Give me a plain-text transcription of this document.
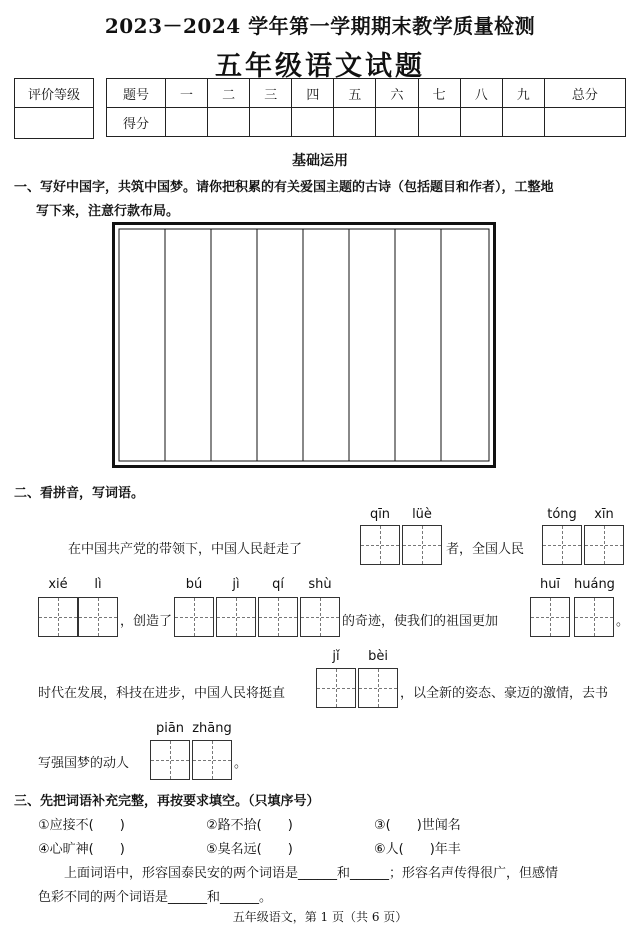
2023－2024 学年第一学期期末教学质量检测
五年级语文试题
评价等级	题号	一	二	三	四	五	六	七	八	九	总分
得分										
基础运用
一、写好中国字，共筑中国梦。请你把积累的有关爱国主题的古诗（包括题目和作者），工整地
写下来，注意行款布局。
二、看拼音，写词语。
qīn	lüè	tóng	xīn
在中国共产党的带领下，中国人民赶走了	者，全国人民
xié	lì
，创造了
bú	jì	qí	shù
的奇迹，使我们的祖国更加
huī	huáng
。
jǐ	bèi
时代在发展，科技在进步，中国人民将挺直	，以全新的姿态、豪迈的激情，去书
piān zhāng
写强国梦的动人	。
三、先把词语补充完整，再按要求填空。（只填序号）
①应接不(　　)	②路不拾(　　)	③(　　)世闻名
④心旷神(　　)	⑤臭名远(　　)	⑥人(　　)年丰
上面词语中，形容国泰民安的两个词语是______和______；形容名声传得很广，但感情
色彩不同的两个词语是______和______。
五年级语文，第 1 页（共 6 页）
